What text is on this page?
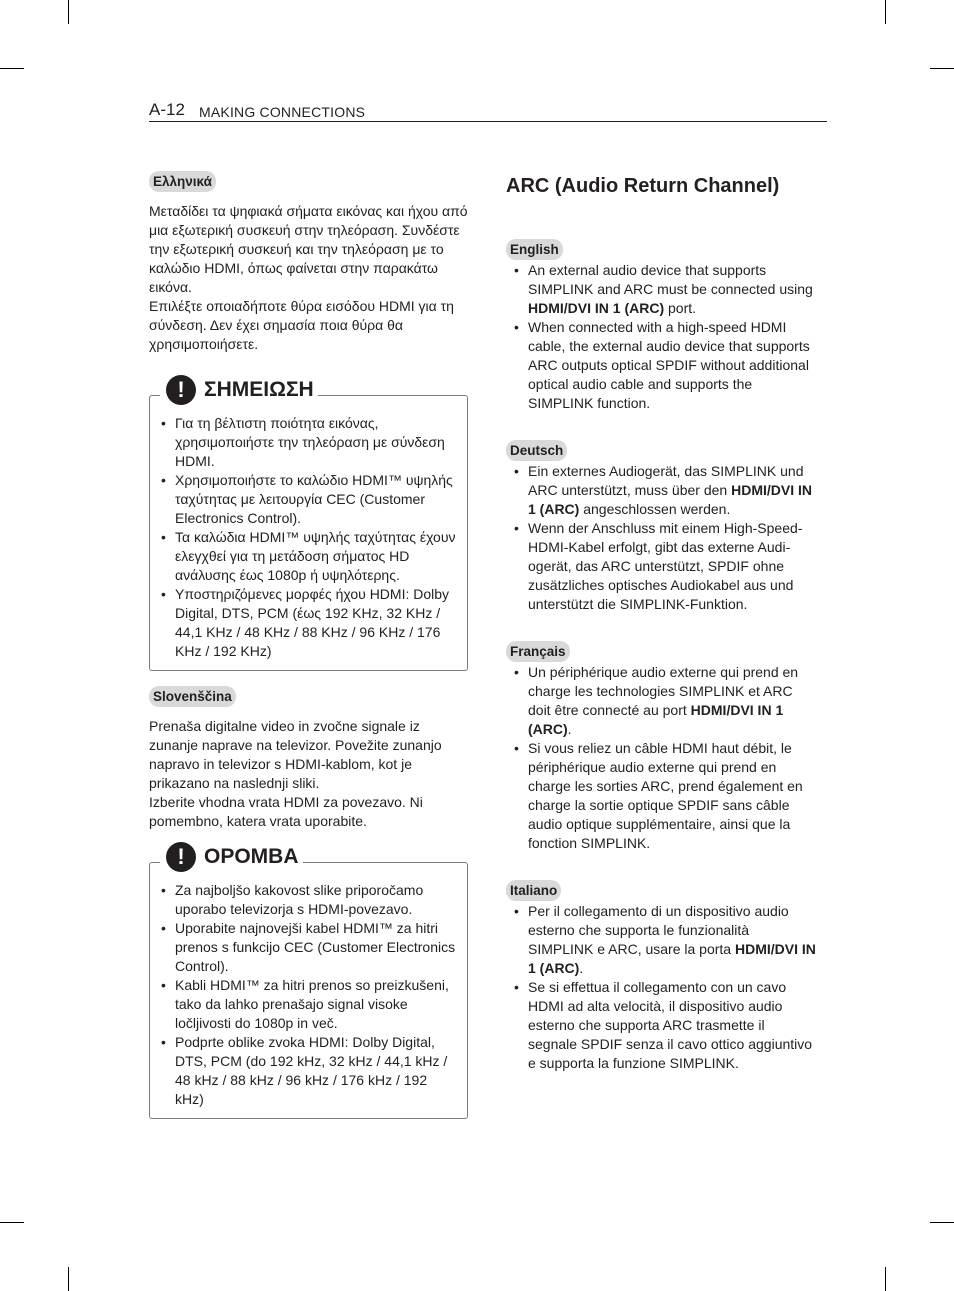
A-12 MAKING CONNECTIONS
Ελληνικά

Μεταδίδει τα ψηφιακά σήματα εικόνας και ήχου από μια εξωτερική συσκευή στην τηλεόραση. Συνδέστε την εξωτερική συσκευή και την τηλεόραση με το καλώδιο HDMI, όπως φαίνεται στην παρακάτω εικόνα.

Επιλέξτε οποιαδήποτε θύρα εισόδου HDMI για τη σύνδεση. Δεν έχει σημασία ποια θύρα θα χρησιμοποιήσετε.

! ΣΗΜΕΙΩΣΗ
• Για τη βέλτιστη ποιότητα εικόνας, χρησιμοποιήστε την τηλεόραση με σύνδεση HDMI.
• Χρησιμοποιήστε το καλώδιο HDMI™ υψηλής ταχύτητας με λειτουργία CEC (Customer Electronics Control).
• Τα καλώδια HDMI™ υψηλής ταχύτητας έχουν ελεγχθεί για τη μετάδοση σήματος HD ανάλυσης έως 1080p ή υψηλότερης.
• Υποστηριζόμενες μορφές ήχου HDMI: Dolby Digital, DTS, PCM (έως 192 KHz, 32 KHz / 44,1 KHz / 48 KHz / 88 KHz / 96 KHz / 176 KHz / 192 KHz)
Slovenščina

Prenaša digitalne video in zvočne signale iz zunanje naprave na televizor. Povežite zunanjo napravo in televizor s HDMI-kablom, kot je prikazano na naslednji sliki.

Izberite vhodna vrata HDMI za povezavo. Ni pomembno, katera vrata uporabite.

! OPOMBA
• Za najboljšo kakovost slike priporočamo uporabo televizorja s HDMI-povezavo.
• Uporabite najnovejši kabel HDMI™ za hitri prenos s funkcijo CEC (Customer Electronics Control).
• Kabli HDMI™ za hitri prenos so preizkušeni, tako da lahko prenašajo signal visoke ločljivosti do 1080p in več.
• Podprte oblike zvoka HDMI: Dolby Digital, DTS, PCM (do 192 kHz, 32 kHz / 44,1 kHz / 48 kHz / 88 kHz / 96 kHz / 176 kHz / 192 kHz)
ARC (Audio Return Channel)
English
• An external audio device that supports SIMPLINK and ARC must be connected using HDMI/DVI IN 1 (ARC) port.
• When connected with a high-speed HDMI cable, the external audio device that supports ARC outputs optical SPDIF without additional optical audio cable and supports the SIMPLINK function.
Deutsch
• Ein externes Audiogerät, das SIMPLINK und ARC unterstützt, muss über den HDMI/DVI IN 1 (ARC) angeschlossen werden.
• Wenn der Anschluss mit einem High-Speed-HDMI-Kabel erfolgt, gibt das externe Audi-ogerät, das ARC unterstützt, SPDIF ohne zusätzliches optisches Audiokabel aus und unterstützt die SIMPLINK-Funktion.
Français
• Un périphérique audio externe qui prend en charge les technologies SIMPLINK et ARC doit être connecté au port HDMI/DVI IN 1 (ARC).
• Si vous reliez un câble HDMI haut débit, le périphérique audio externe qui prend en charge les sorties ARC, prend également en charge la sortie optique SPDIF sans câble audio optique supplémentaire, ainsi que la fonction SIMPLINK.
Italiano
• Per il collegamento di un dispositivo audio esterno che supporta le funzionalità SIMPLINK e ARC, usare la porta HDMI/DVI IN 1 (ARC).
• Se si effettua il collegamento con un cavo HDMI ad alta velocità, il dispositivo audio esterno che supporta ARC trasmette il segnale SPDIF senza il cavo ottico aggiuntivo e supporta la funzione SIMPLINK.
